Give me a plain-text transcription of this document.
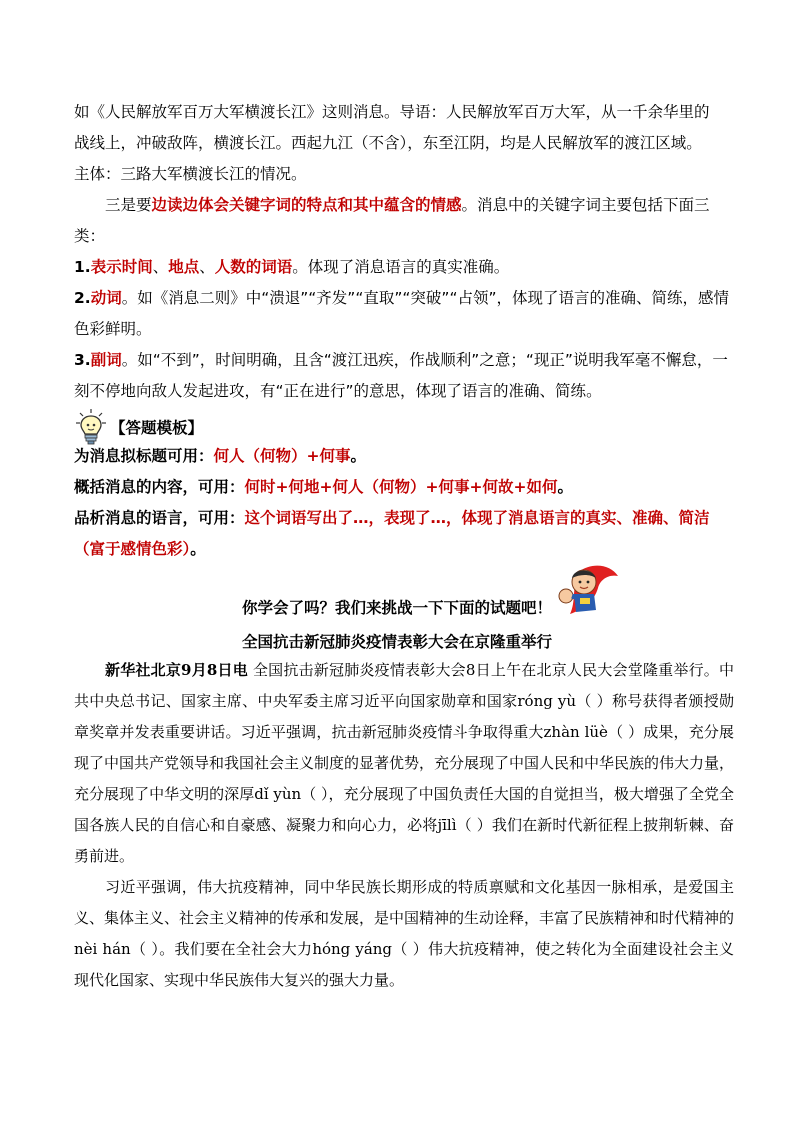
如《人民解放军百万大军横渡长江》这则消息。导语：人民解放军百万大军，从一千余华里的

战线上，冲破敌阵，横渡长江。西起九江（不含），东至江阴，均是人民解放军的渡江区域。

主体：三路大军横渡长江的情况。

三是要边读边体会关键字词的特点和其中蕴含的情感。消息中的关键字词主要包括下面三类：

1.表示时间、地点、人数的词语。体现了消息语言的真实准确。

2.动词。如《消息二则》中“溃退”“齐发”“直取”“突破”“占领”，体现了语言的准确、简练，感情色彩鲜明。

3.副词。如“不到”，时间明确，且含“渡江迅疾，作战顺利”之意；“现正”说明我军毫不懈怠，一刻不停地向敌人发起进攻，有“正在进行”的意思，体现了语言的准确、简练。

【答题模板】

为消息拟标题可用：何人（何物）+何事。

概括消息的内容，可用：何时+何地+何人（何物）+何事+何故+如何。

品析消息的语言，可用：这个词语写出了…，表现了…，体现了消息语言的真实、准确、简洁（富于感情色彩）。

你学会了吗？我们来挑战一下下面的试题吧！
全国抗击新冠肺炎疫情表彰大会在京隆重举行

新华社北京9月8日电 全国抗击新冠肺炎疫情表彰大会8日上午在北京人民大会堂隆重举行。中共中央总书记、国家主席、中央军委主席习近平向国家勋章和国家róng yù（ ）称号获得者颁授勋章奖章并发表重要讲话。习近平强调，抗击新冠肺炎疫情斗争取得重大zhàn lüè（ ）成果，充分展现了中国共产党领导和我国社会主义制度的显著优势，充分展现了中国人民和中华民族的伟大力量，充分展现了中华文明的深厚dǐ yùn（ ），充分展现了中国负责任大国的自觉担当，极大增强了全党全国各族人民的自信心和自豪感、凝聚力和向心力，必将jīlì（ ）我们在新时代新征程上披荆斩棘、奋勇前进。

习近平强调，伟大抗疫精神，同中华民族长期形成的特质禀赋和文化基因一脉相承，是爱国主义、集体主义、社会主义精神的传承和发展，是中国精神的生动诠释，丰富了民族精神和时代精神的nèi hán（ ）。我们要在全社会大力hóng yáng（ ）伟大抗疫精神，使之转化为全面建设社会主义现代化国家、实现中华民族伟大复兴的强大力量。
